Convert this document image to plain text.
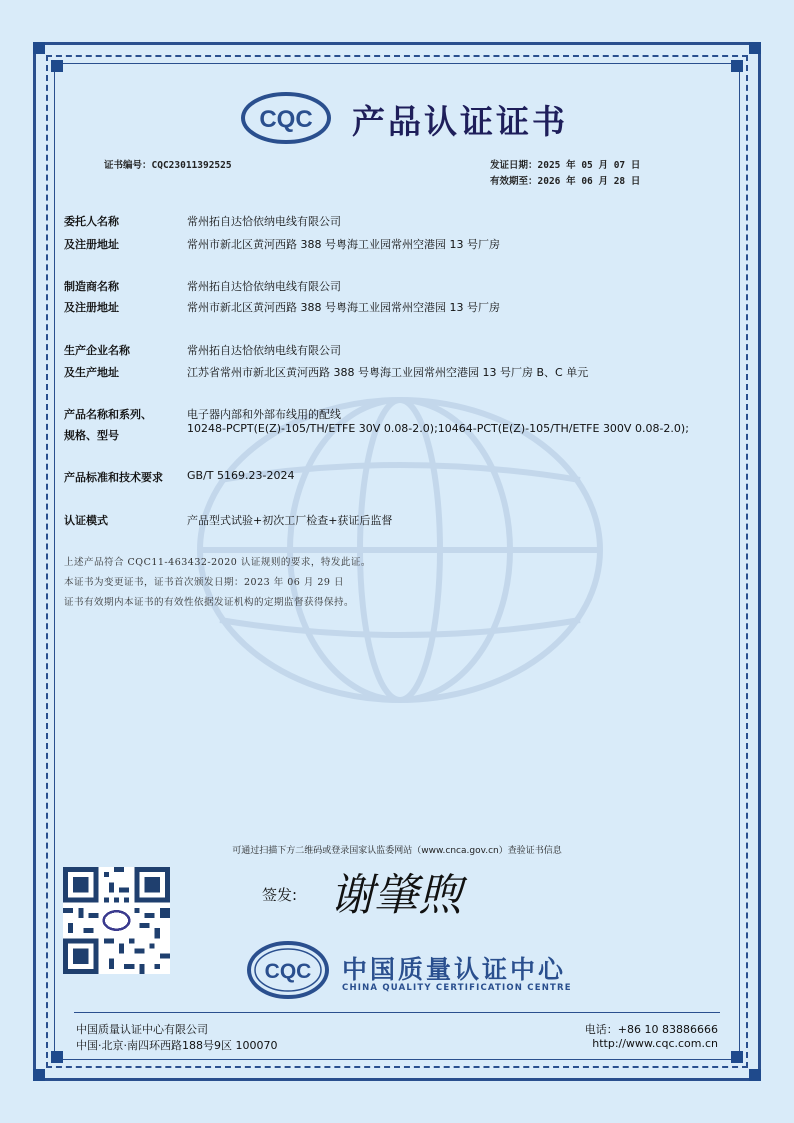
CQC 产品认证证书
证书编号：CQC23011392525	发证日期：2025 年 05 月 07 日
有效期至：2026 年 06 月 28 日
委托人名称	常州拓自达恰依纳电线有限公司
及注册地址	常州市新北区黄河西路 388 号粤海工业园常州空港园 13 号厂房
制造商名称	常州拓自达恰依纳电线有限公司
及注册地址	常州市新北区黄河西路 388 号粤海工业园常州空港园 13 号厂房
生产企业名称	常州拓自达恰依纳电线有限公司
及生产地址	江苏省常州市新北区黄河西路 388 号粤海工业园常州空港园 13 号厂房 B、C 单元
产品名称和系列、	电子器内部和外部布线用的配线
规格、型号
10248-PCPT(E(Z)-105/TH/ETFE 30V 0.08-2.0);10464-PCT(E(Z)-105/TH/ETFE 300V 0.08-2.0);
产品标准和技术要求 GB/T 5169.23-2024
认证模式	产品型式试验+初次工厂检查+获证后监督
上述产品符合 CQC11-463432-2020 认证规则的要求，特发此证。
本证书为变更证书，证书首次颁发日期：2023 年 06 月 29 日
证书有效期内本证书的有效性依据发证机构的定期监督获得保持。
可通过扫描下方二维码或登录国家认监委网站（www.cnca.gov.cn）查验证书信息
签发: 谢肇煦
CQC 中国质量认证中心
CHINA QUALITY CERTIFICATION CENTRE
中国质量认证中心有限公司
中国·北京·南四环西路188号9区 100070
电话：+86 10 83886666
http://www.cqc.com.cn
